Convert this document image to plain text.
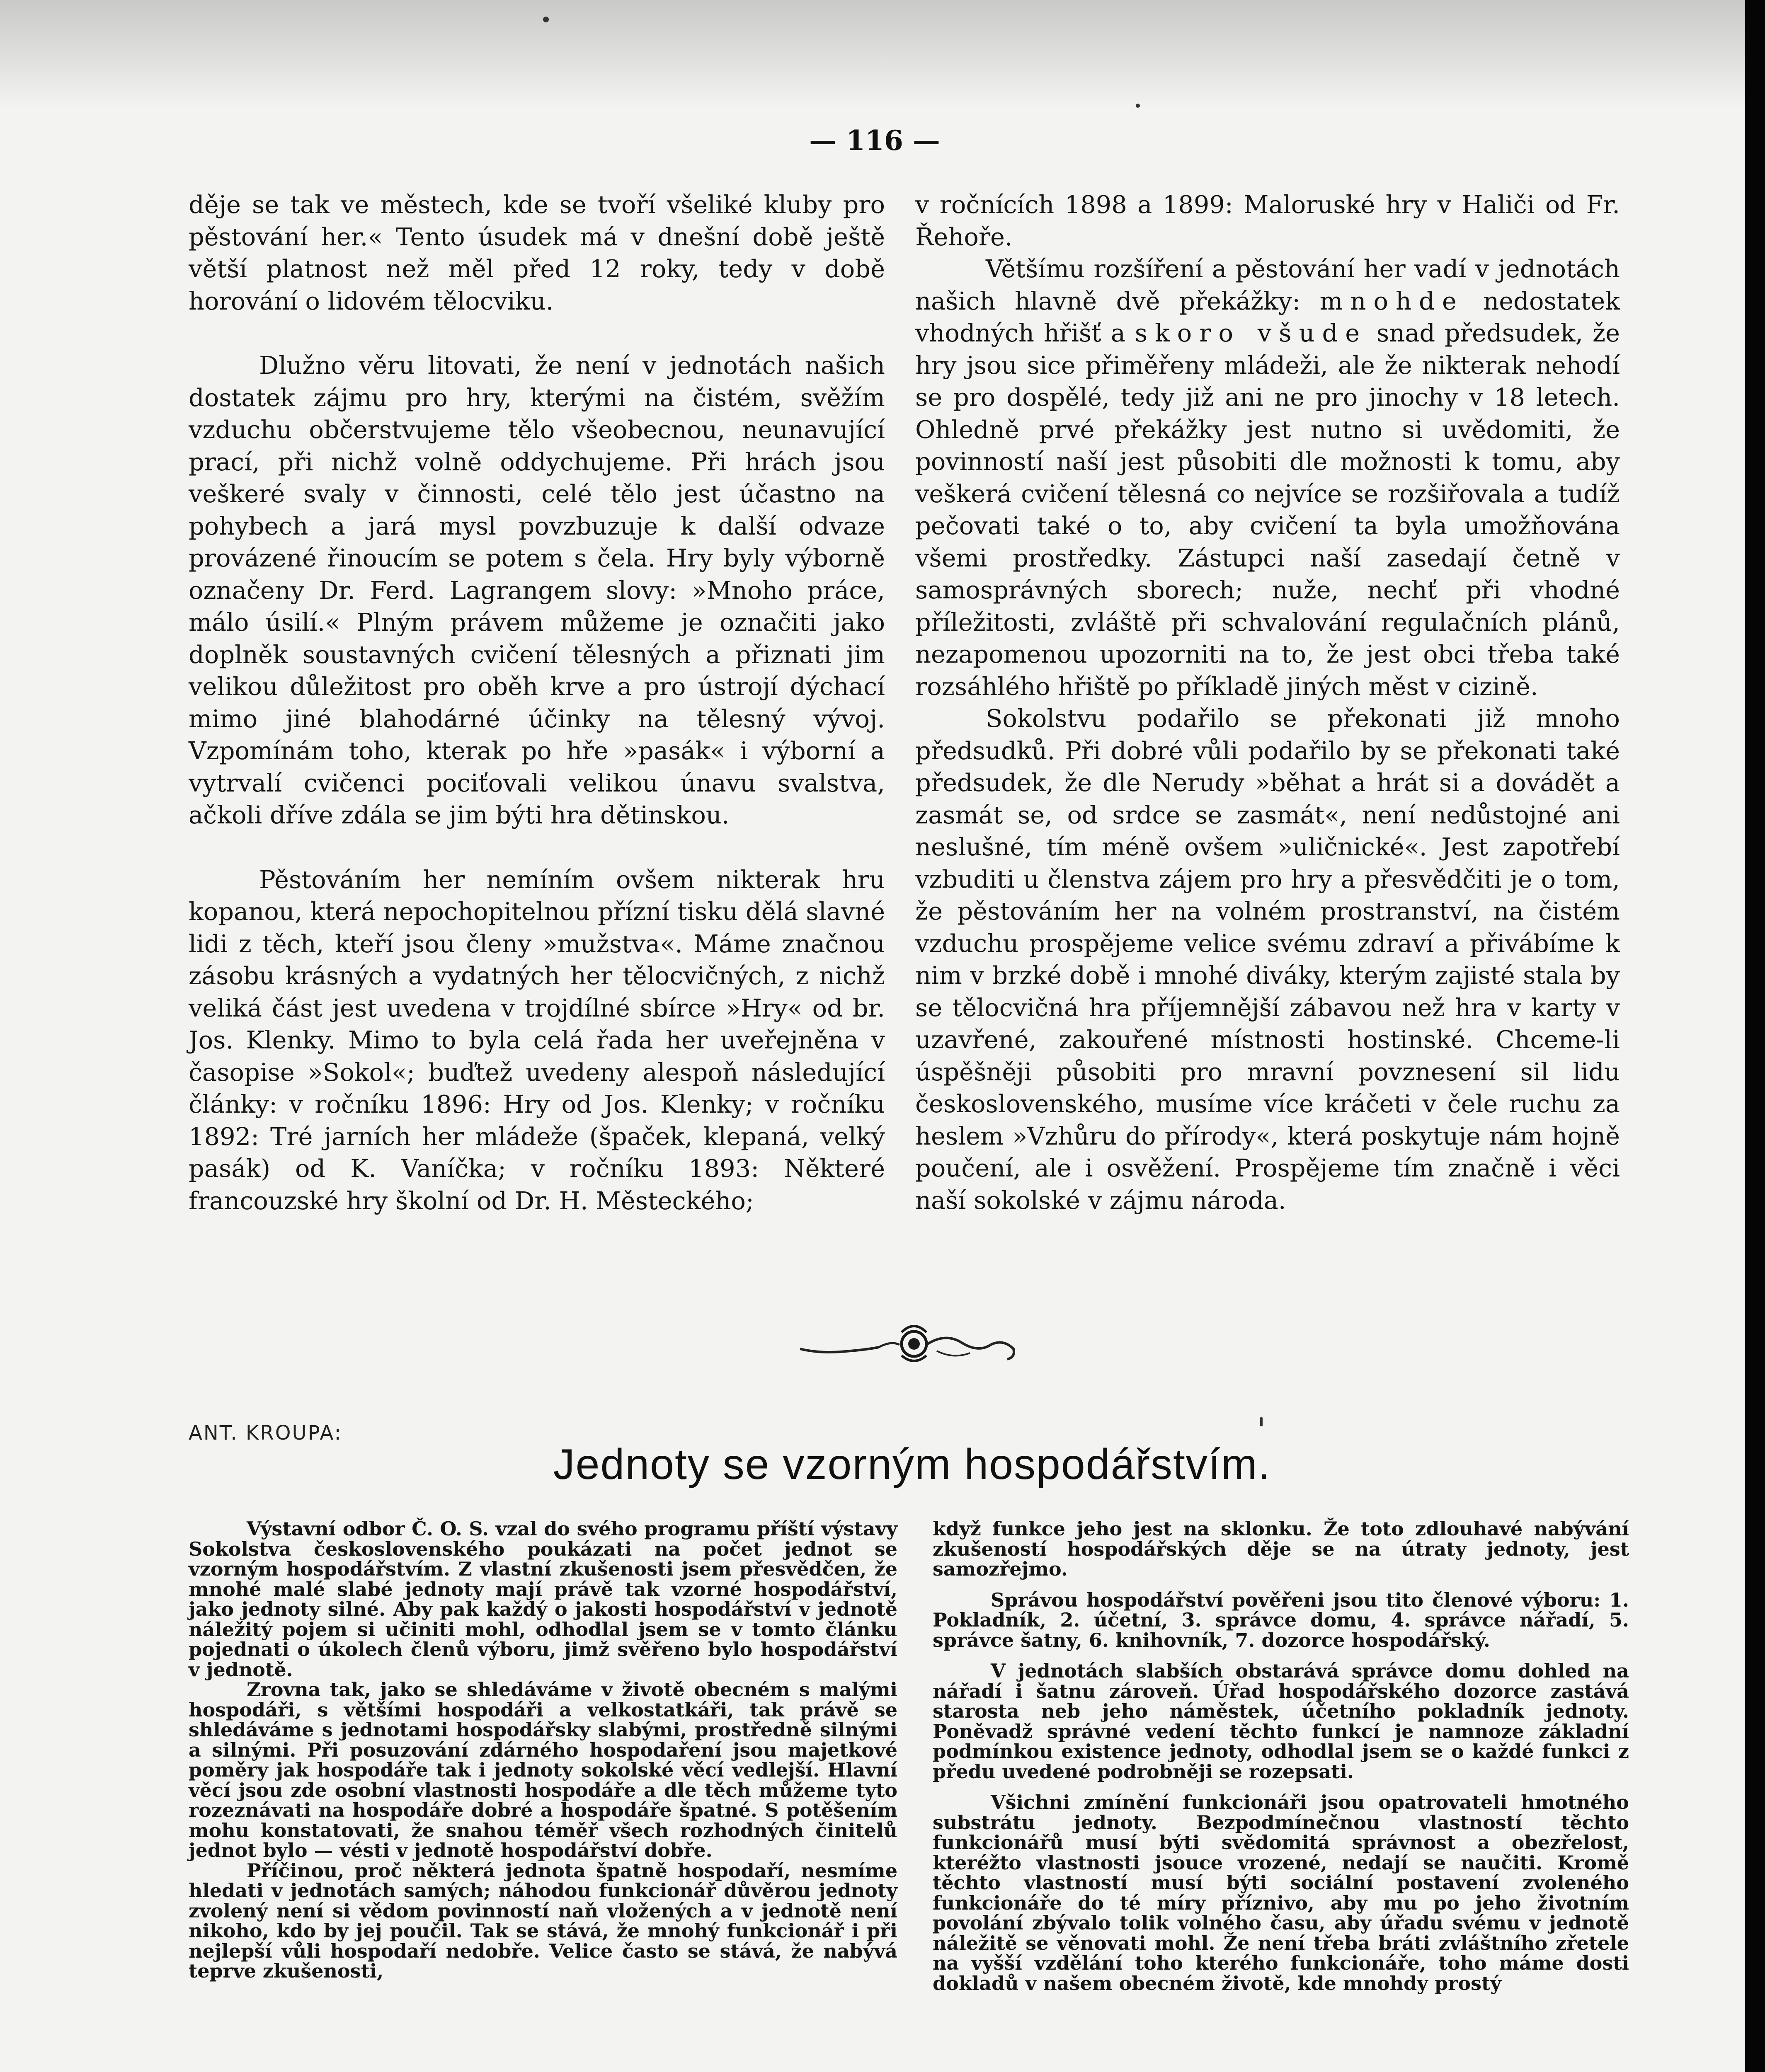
— 116 —

děje se tak ve městech, kde se tvoří všeliké kluby pro pěstování her.« Tento úsudek má v dnešní době ještě větší platnost než měl před 12 roky, tedy v době horování o lidovém tělocviku.

Dlužno věru litovati, že není v jednotách našich dostatek zájmu pro hry, kterými na čistém, svěžím vzduchu občerstvujeme tělo všeobecnou, neunavující prací, při nichž volně oddychujeme. Při hrách jsou veškeré svaly v činnosti, celé tělo jest účastno na pohybech a jará mysl povzbuzuje k další odvaze provázené řinoucím se potem s čela. Hry byly výborně označeny Dr. Ferd. Lagrangem slovy: »Mnoho práce, málo úsilí.« Plným právem můžeme je označiti jako doplněk soustavných cvičení tělesných a přiznati jim velikou důležitost pro oběh krve a pro ústrojí dýchací mimo jiné blahodárné účinky na tělesný vývoj. Vzpomínám toho, kterak po hře »pasák« i výborní a vytrvalí cvičenci pociťovali velikou únavu svalstva, ačkoli dříve zdála se jim býti hra dětinskou.

Pěstováním her nemíním ovšem nikterak hru kopanou, která nepochopitelnou přízní tisku dělá slavné lidi z těch, kteří jsou členy »mužstva«. Máme značnou zásobu krásných a vydatných her tělocvičných, z nichž veliká část jest uvedena v trojdílné sbírce »Hry« od br. Jos. Klenky. Mimo to byla celá řada her uveřejněna v časopise »Sokol«; buďtež uvedeny alespoň následující články: v ročníku 1896: Hry od Jos. Klenky; v ročníku 1892: Tré jarních her mládeže (špaček, klepaná, velký pasák) od K. Vaníčka; v ročníku 1893: Některé francouzské hry školní od Dr. H. Městeckého;

v ročnících 1898 a 1899: Maloruské hry v Haliči od Fr. Řehoře.

Většímu rozšíření a pěstování her vadí v jednotách našich hlavně dvě překážky: mnohde nedostatek vhodných hřišť a skoro všude snad předsudek, že hry jsou sice přiměřeny mládeži, ale že nikterak nehodí se pro dospělé, tedy již ani ne pro jinochy v 18 letech. Ohledně prvé překážky jest nutno si uvědomiti, že povinností naší jest působiti dle možnosti k tomu, aby veškerá cvičení tělesná co nejvíce se rozšiřovala a tudíž pečovati také o to, aby cvičení ta byla umožňována všemi prostředky. Zástupci naší zasedají četně v samosprávných sborech; nuže, nechť při vhodné příležitosti, zvláště při schvalování regulačních plánů, nezapomenou upozorniti na to, že jest obci třeba také rozsáhlého hřiště po příkladě jiných měst v cizině.

Sokolstvu podařilo se překonati již mnoho předsudků. Při dobré vůli podařilo by se překonati také předsudek, že dle Nerudy »běhat a hrát si a dovádět a zasmát se, od srdce se zasmát«, není nedůstojné ani neslušné, tím méně ovšem »uličnické«. Jest zapotřebí vzbuditi u členstva zájem pro hry a přesvědčiti je o tom, že pěstováním her na volném prostranství, na čistém vzduchu prospějeme velice svému zdraví a přivábíme k nim v brzké době i mnohé diváky, kterým zajisté stala by se tělocvičná hra příjemnější zábavou než hra v karty v uzavřené, zakouřené místnosti hostinské. Chceme-li úspěšněji působiti pro mravní povznesení sil lidu československého, musíme více kráčeti v čele ruchu za heslem »Vzhůru do přírody«, která poskytuje nám hojně poučení, ale i osvěžení. Prospějeme tím značně i věci naší sokolské v zájmu národa.

ANT. KROUPA:
Jednoty se vzorným hospodářstvím.

Výstavní odbor Č. O. S. vzal do svého programu příští výstavy Sokolstva československého poukázati na počet jednot se vzorným hospodářstvím. Z vlastní zkušenosti jsem přesvědčen, že mnohé malé slabé jednoty mají právě tak vzorné hospodářství, jako jednoty silné. Aby pak každý o jakosti hospodářství v jednotě náležitý pojem si učiniti mohl, odhodlal jsem se v tomto článku pojednati o úkolech členů výboru, jimž svěřeno bylo hospodářství v jednotě.

Zrovna tak, jako se shledáváme v životě obecném s malými hospodáři, s většími hospodáři a velkostatkáři, tak právě se shledáváme s jednotami hospodářsky slabými, prostředně silnými a silnými. Při posuzování zdárného hospodaření jsou majetkové poměry jak hospodáře tak i jednoty sokolské věcí vedlejší. Hlavní věcí jsou zde osobní vlastnosti hospodáře a dle těch můžeme tyto rozeznávati na hospodáře dobré a hospodáře špatné. S potěšením mohu konstatovati, že snahou téměř všech rozhodných činitelů jednot bylo — vésti v jednotě hospodářství dobře.

Příčinou, proč některá jednota špatně hospodaří, nesmíme hledati v jednotách samých; náhodou funkcionář důvěrou jednoty zvolený není si vědom povinností naň vložených a v jednotě není nikoho, kdo by jej poučil. Tak se stává, že mnohý funkcionář i při nejlepší vůli hospodaří nedobře. Velice často se stává, že nabývá teprve zkušenosti,

když funkce jeho jest na sklonku. Že toto zdlouhavé nabývání zkušeností hospodářských děje se na útraty jednoty, jest samozřejmo.

Správou hospodářství pověřeni jsou tito členové výboru: 1. Pokladník, 2. účetní, 3. správce domu, 4. správce nářadí, 5. správce šatny, 6. knihovník, 7. dozorce hospodářský.

V jednotách slabších obstarává správce domu dohled na nářadí i šatnu zároveň. Úřad hospodářského dozorce zastává starosta neb jeho náměstek, účetního pokladník jednoty. Poněvadž správné vedení těchto funkcí je namnoze základní podmínkou existence jednoty, odhodlal jsem se o každé funkci z předu uvedené podrobněji se rozepsati.

Všichni zmínění funkcionáři jsou opatrovateli hmotného substrátu jednoty. Bezpodmínečnou vlastností těchto funkcionářů musí býti svědomitá správnost a obezřelost, kteréžto vlastnosti jsouce vrozené, nedají se naučiti. Kromě těchto vlastností musí býti sociální postavení zvoleného funkcionáře do té míry příznivo, aby mu po jeho životním povolání zbývalo tolik volného času, aby úřadu svému v jednotě náležitě se věnovati mohl. Že není třeba bráti zvláštního zřetele na vyšší vzdělání toho kterého funkcionáře, toho máme dosti dokladů v našem obecném životě, kde mnohdy prostý
